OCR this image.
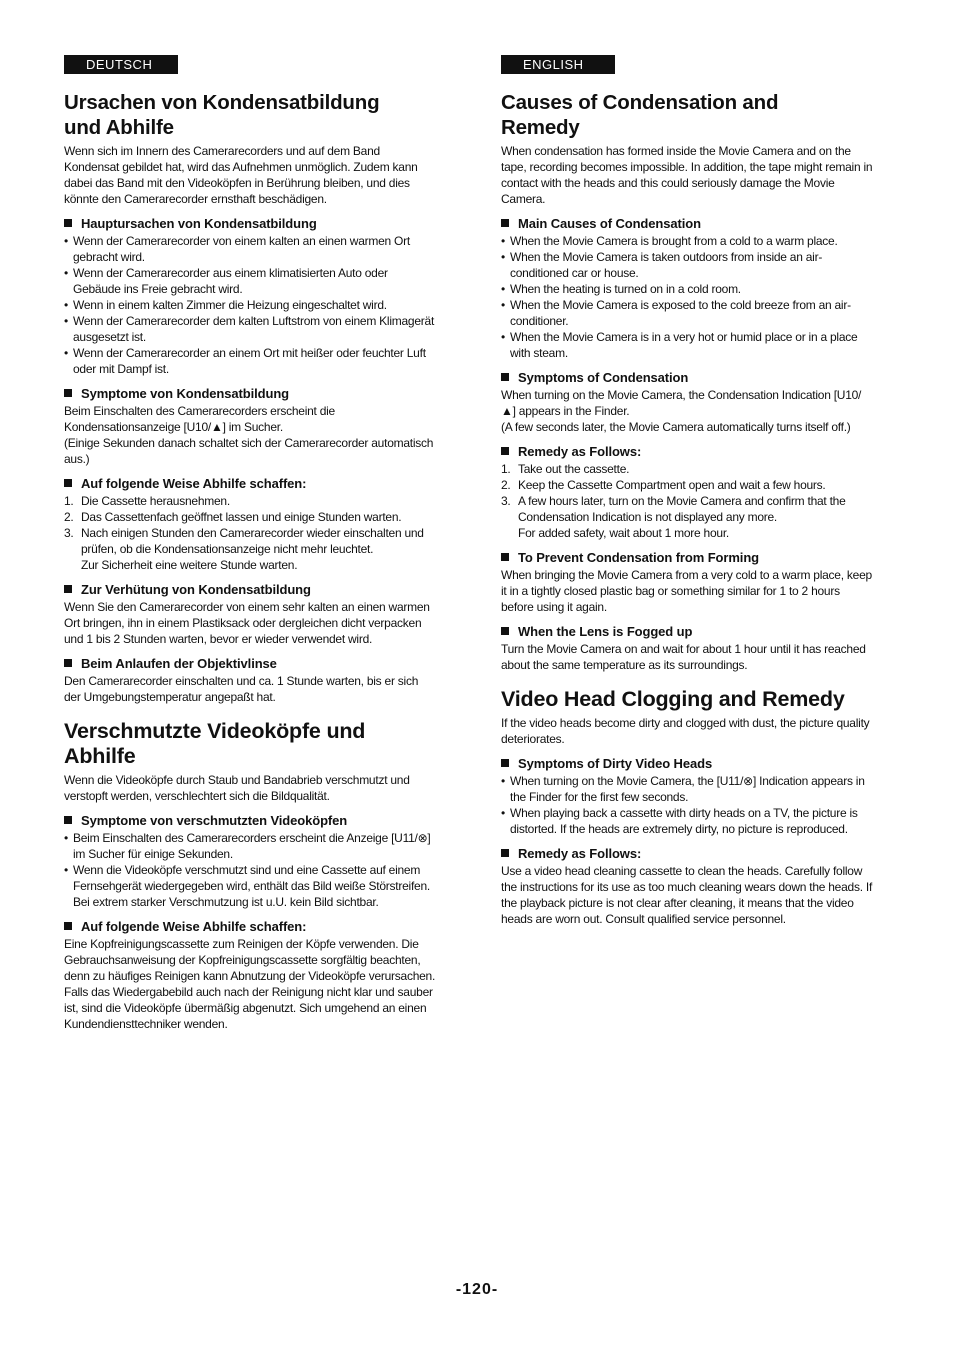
DEUTSCH
Ursachen von Kondensatbildung
und Abhilfe

Wenn sich im Innern des Camerarecorders und auf dem Band Kondensat gebildet hat, wird das Aufnehmen unmöglich. Zudem kann dabei das Band mit den Videoköpfen in Berührung bleiben, und dies könnte den Camerarecorder ernsthaft beschädigen.

Hauptursachen von Kondensatbildung
• Wenn der Camerarecorder von einem kalten an einen warmen Ort gebracht wird.
• Wenn der Camerarecorder aus einem klimatisierten Auto oder Gebäude ins Freie gebracht wird.
• Wenn in einem kalten Zimmer die Heizung eingeschaltet wird.
• Wenn der Camerarecorder dem kalten Luftstrom von einem Klimagerät ausgesetzt ist.
• Wenn der Camerarecorder an einem Ort mit heißer oder feuchter Luft oder mit Dampf ist.
Symptome von Kondensatbildung

Beim Einschalten des Camerarecorders erscheint die Kondensationsanzeige [U10/▲] im Sucher.

(Einige Sekunden danach schaltet sich der Camerarecorder automatisch aus.)

Auf folgende Weise Abhilfe schaffen:
1. Die Cassette herausnehmen.
2. Das Cassettenfach geöffnet lassen und einige Stunden warten.
3. Nach einigen Stunden den Camerarecorder wieder einschalten und prüfen, ob die Kondensationsanzeige nicht mehr leuchtet.
Zur Sicherheit eine weitere Stunde warten.
Zur Verhütung von Kondensatbildung

Wenn Sie den Camerarecorder von einem sehr kalten an einen warmen Ort bringen, ihn in einem Plastiksack oder dergleichen dicht verpacken und 1 bis 2 Stunden warten, bevor er wieder verwendet wird.

Beim Anlaufen der Objektivlinse

Den Camerarecorder einschalten und ca. 1 Stunde warten, bis er sich der Umgebungstemperatur angepaßt hat.

Verschmutzte Videoköpfe und
Abhilfe

Wenn die Videoköpfe durch Staub und Bandabrieb verschmutzt und verstopft werden, verschlechtert sich die Bildqualität.

Symptome von verschmutzten Videoköpfen
• Beim Einschalten des Camerarecorders erscheint die Anzeige [U11/⊗] im Sucher für einige Sekunden.
• Wenn die Videoköpfe verschmutzt sind und eine Cassette auf einem Fernsehgerät wiedergegeben wird, enthält das Bild weiße Störstreifen. Bei extrem starker Verschmutzung ist u.U. kein Bild sichtbar.
Auf folgende Weise Abhilfe schaffen:

Eine Kopfreinigungscassette zum Reinigen der Köpfe verwenden. Die Gebrauchsanweisung der Kopfreinigungscassette sorgfältig beachten, denn zu häufiges Reinigen kann Abnutzung der Videoköpfe verursachen. Falls das Wiedergabebild auch nach der Reinigung nicht klar und sauber ist, sind die Videoköpfe übermäßig abgenutzt. Sich umgehend an einen Kundendiensttechniker wenden.

ENGLISH
Causes of Condensation and
Remedy

When condensation has formed inside the Movie Camera and on the tape, recording becomes impossible. In addition, the tape might remain in contact with the heads and this could seriously damage the Movie Camera.

Main Causes of Condensation
• When the Movie Camera is brought from a cold to a warm place.
• When the Movie Camera is taken outdoors from inside an air-conditioned car or house.
• When the heating is turned on in a cold room.
• When the Movie Camera is exposed to the cold breeze from an air-conditioner.
• When the Movie Camera is in a very hot or humid place or in a place with steam.
Symptoms of Condensation

When turning on the Movie Camera, the Condensation Indication [U10/▲] appears in the Finder.

(A few seconds later, the Movie Camera automatically turns itself off.)

Remedy as Follows:
1. Take out the cassette.
2. Keep the Cassette Compartment open and wait a few hours.
3. A few hours later, turn on the Movie Camera and confirm that the Condensation Indication is not displayed any more.
For added safety, wait about 1 more hour.
To Prevent Condensation from Forming

When bringing the Movie Camera from a very cold to a warm place, keep it in a tightly closed plastic bag or something similar for 1 to 2 hours before using it again.

When the Lens is Fogged up

Turn the Movie Camera on and wait for about 1 hour until it has reached about the same temperature as its surroundings.

Video Head Clogging and Remedy

If the video heads become dirty and clogged with dust, the picture quality deteriorates.

Symptoms of Dirty Video Heads
• When turning on the Movie Camera, the [U11/⊗] Indication appears in the Finder for the first few seconds.
• When playing back a cassette with dirty heads on a TV, the picture is distorted. If the heads are extremely dirty, no picture is reproduced.
Remedy as Follows:

Use a video head cleaning cassette to clean the heads. Carefully follow the instructions for its use as too much cleaning wears down the heads. If the playback picture is not clear after cleaning, it means that the video heads are worn out. Consult qualified service personnel.

-120-
